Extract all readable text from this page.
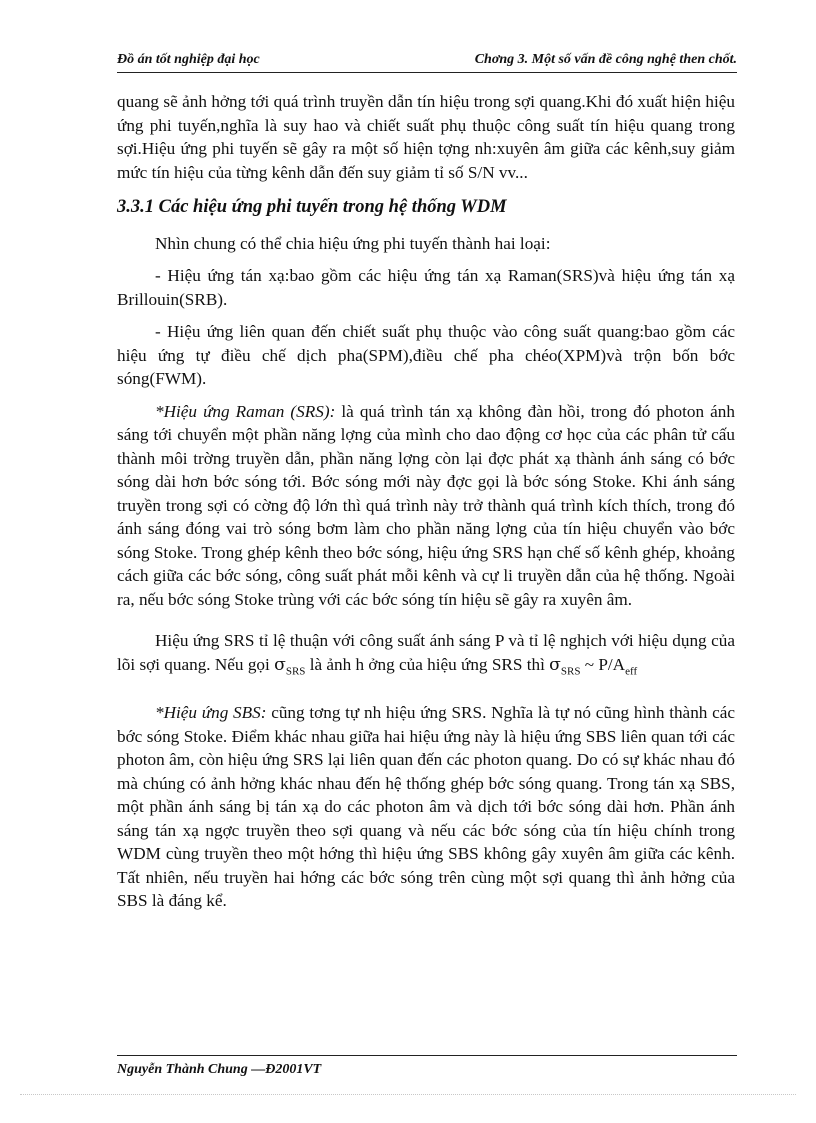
Đồ án tốt nghiệp đại học	Chơng 3. Một số vấn đề công nghệ then chốt.

quang sẽ ảnh hởng tới quá trình truyền dẫn tín hiệu trong sợi quang.Khi đó xuất hiện hiệu ứng phi tuyến,nghĩa là suy hao và chiết suất phụ thuộc công suất tín hiệu quang trong sợi.Hiệu ứng phi tuyến sẽ gây ra một số hiện tợng nh:xuyên âm giữa các kênh,suy giảm mức tín hiệu của từng kênh dẫn đến suy giảm tỉ số S/N vv...

3.3.1 Các hiệu ứng phi tuyến trong hệ thống WDM

Nhìn chung có thể chia hiệu ứng phi tuyến thành hai loại:

- Hiệu ứng tán xạ:bao gồm các hiệu ứng tán xạ Raman(SRS)và hiệu ứng tán xạ Brillouin(SRB).

- Hiệu ứng liên quan đến chiết suất phụ thuộc vào công suất quang:bao gồm các hiệu ứng tự điều chế dịch pha(SPM),điều chế pha chéo(XPM)và trộn bốn bớc sóng(FWM).

*Hiệu ứng Raman (SRS): là quá trình tán xạ không đàn hồi, trong đó photon ánh sáng tới chuyển một phần năng lợng của mình cho dao động cơ học của các phân tử cấu thành môi trờng truyền dẫn, phần năng lợng còn lại đợc phát xạ thành ánh sáng có bớc sóng dài hơn bớc sóng tới. Bớc sóng mới này đợc gọi là bớc sóng Stoke. Khi ánh sáng truyền trong sợi có cờng độ lớn thì quá trình này trở thành quá trình kích thích, trong đó ánh sáng đóng vai trò sóng bơm làm cho phần năng lợng của tín hiệu chuyển vào bớc sóng Stoke. Trong ghép kênh theo bớc sóng, hiệu ứng SRS hạn chế số kênh ghép, khoảng cách giữa các bớc sóng, công suất phát mỗi kênh và cự li truyền dẫn của hệ thống. Ngoài ra, nếu bớc sóng Stoke trùng với các bớc sóng tín hiệu sẽ gây ra xuyên âm.

Hiệu ứng SRS tỉ lệ thuận với công suất ánh sáng P và tỉ lệ nghịch với hiệu dụng của lõi sợi quang. Nếu gọi $\sigma_{SRS}$ là ảnh h ởng của hiệu ứng SRS thì $\sigma_{SRS}$ ~ $P/A_{eff}$

*Hiệu ứng SBS: cũng tơng tự nh hiệu ứng SRS. Nghĩa là tự nó cũng hình thành các bớc sóng Stoke. Điểm khác nhau giữa hai hiệu ứng này là hiệu ứng SBS liên quan tới các photon âm, còn hiệu ứng SRS lại liên quan đến các photon quang. Do có sự khác nhau đó mà chúng có ảnh hởng khác nhau đến hệ thống ghép bớc sóng quang. Trong tán xạ SBS, một phần ánh sáng bị tán xạ do các photon âm và dịch tới bớc sóng dài hơn. Phần ánh sáng tán xạ ngợc truyền theo sợi quang và nếu các bớc sóng của tín hiệu chính trong WDM cùng truyền theo một hớng thì hiệu ứng SBS không gây xuyên âm giữa các kênh. Tất nhiên, nếu truyền hai hớng các bớc sóng trên cùng một sợi quang thì ảnh hởng của SBS là đáng kể.

Nguyễn Thành Chung —Đ2001VT
